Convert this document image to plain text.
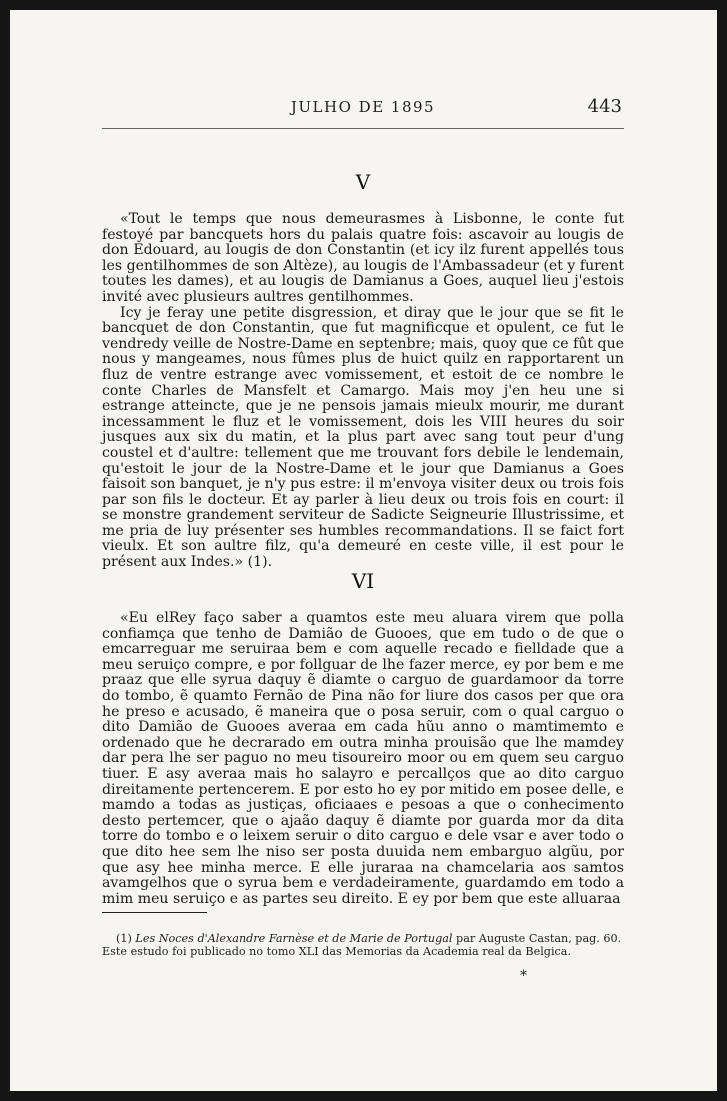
JULHO DE 1895	443
V

«Tout le temps que nous demeurasmes à Lisbonne, le conte fut festoyé par bancquets hors du palais quatre fois: ascavoir au lougis de don Edouard, au lougis de don Constantin (et icy ilz furent appellés tous les gentilhommes de son Altèze), au lougis de l'Ambassadeur (et y furent toutes les dames), et au lougis de Damianus a Goes, auquel lieu j'estois invité avec plusieurs aultres gentilhommes.

Icy je feray une petite disgression, et diray que le jour que se fit le bancquet de don Constantin, que fut magnificque et opulent, ce fut le vendredy veille de Nostre-Dame en septenbre; mais, quoy que ce fût que nous y mangeames, nous fûmes plus de huict quilz en rapportarent un fluz de ventre estrange avec vomissement, et estoit de ce nombre le conte Charles de Mansfelt et Camargo. Mais moy j'en heu une si estrange atteincte, que je ne pensois jamais mieulx mourir, me durant incessamment le fluz et le vomissement, dois les VIII heures du soir jusques aux six du matin, et la plus part avec sang tout peur d'ung coustel et d'aultre: tellement que me trouvant fors debile le lendemain, qu'estoit le jour de la Nostre-Dame et le jour que Damianus a Goes faisoit son banquet, je n'y pus estre: il m'envoya visiter deux ou trois fois par son fils le docteur. Et ay parler à lieu deux ou trois fois en court: il se monstre grandement serviteur de Sadicte Seigneurie Illustrissime, et me pria de luy présenter ses humbles recommandations. Il se faict fort vieulx. Et son aultre filz, qu'a demeuré en ceste ville, il est pour le présent aux Indes.» (1).

VI

«Eu elRey faço saber a quamtos este meu aluara virem que polla confiamça que tenho de Damião de Guooes, que em tudo o de que o emcarreguar me seruiraa bem e com aquelle recado e fielldade que a meu seruiço compre, e por follguar de lhe fazer merce, ey por bem e me praaz que elle syrua daquy ẽ diamte o carguo de guardamoor da torre do tombo, ẽ quamto Fernão de Pina não for liure dos casos per que ora he preso e acusado, ẽ maneira que o posa seruir, com o qual carguo o dito Damião de Guooes averaa em cada hũu anno o mamtimemto e ordenado que he decrarado em outra minha prouisão que lhe mamdey dar pera lhe ser paguo no meu tisoureiro moor ou em quem seu carguo tiuer. E asy averaa mais ho salayro e percallços que ao dito carguo direitamente pertencerem. E por esto ho ey por mitido em posee delle, e mamdo a todas as justiças, oficiaaes e pesoas a que o conhecimento desto pertemcer, que o ajaão daquy ẽ diamte por guarda mor da dita torre do tombo e o leixem seruir o dito carguo e dele vsar e aver todo o que dito hee sem lhe niso ser posta duuida nem embarguo algũu, por que asy hee minha merce. E elle juraraa na chamcelaria aos samtos avamgelhos que o syrua bem e verdadeiramente, guardamdo em todo a mim meu seruiço e as partes seu direito. E ey por bem que este alluaraa

(1) Les Noces d'Alexandre Farnèse et de Marie de Portugal par Auguste Castan, pag. 60.
Este estudo foi publicado no tomo XLI das Memorias da Academia real da Belgica.
*
